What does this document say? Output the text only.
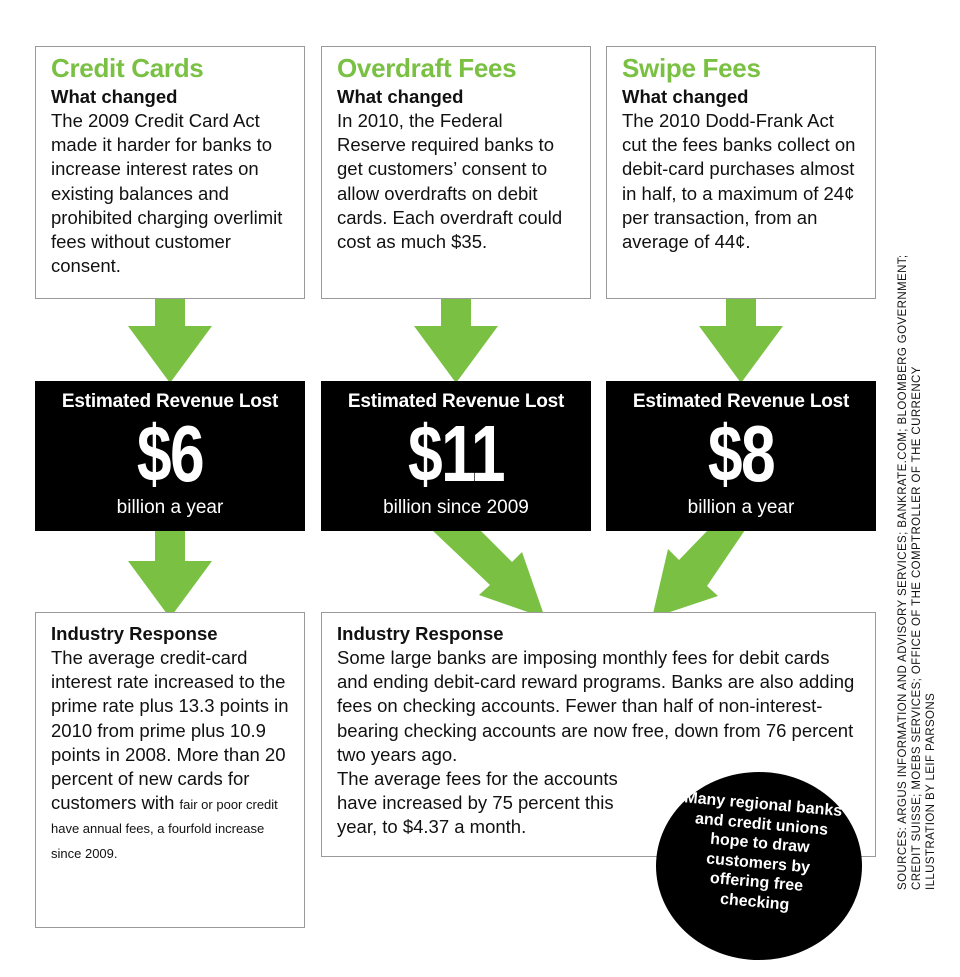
Credit Cards
What changed
The 2009 Credit Card Act made it harder for banks to increase interest rates on existing balances and prohibited charging overlimit fees without customer consent.
Overdraft Fees
What changed
In 2010, the Federal Reserve required banks to get customers’ consent to allow overdrafts on debit cards. Each overdraft could cost as much $35.
Swipe Fees
What changed
The 2010 Dodd-Frank Act cut the fees banks collect on debit-card purchases almost in half, to a maximum of 24¢ per transaction, from an average of 44¢.
Estimated Revenue Lost
$6
billion a year
Estimated Revenue Lost
$11
billion since 2009
Estimated Revenue Lost
$8
billion a year
Industry Response
The average credit-card interest rate increased to the prime rate plus 13.3 points in 2010 from prime plus 10.9 points in 2008. More than 20 percent of new cards for customers with fair or poor credit have annual fees, a fourfold increase since 2009.
Industry Response
Some large banks are imposing monthly fees for debit cards and ending debit-card reward programs. Banks are also adding fees on checking accounts. Fewer than half of non-interest-bearing checking accounts are now free, down from 76 percent two years ago.
The average fees for the accounts have increased by 75 percent this year, to $4.37 a month.
Many regional banks and credit unions hope to draw customers by offering free checking
SOURCES: ARGUS INFORMATION AND ADVISORY SERVICES; BANKRATE.COM; BLOOMBERG GOVERNMENT; CREDIT SUISSE; MOEBS SERVICES; OFFICE OF THE COMPTROLLER OF THE CURRENCY ILLUSTRATION BY LEIF PARSONS
